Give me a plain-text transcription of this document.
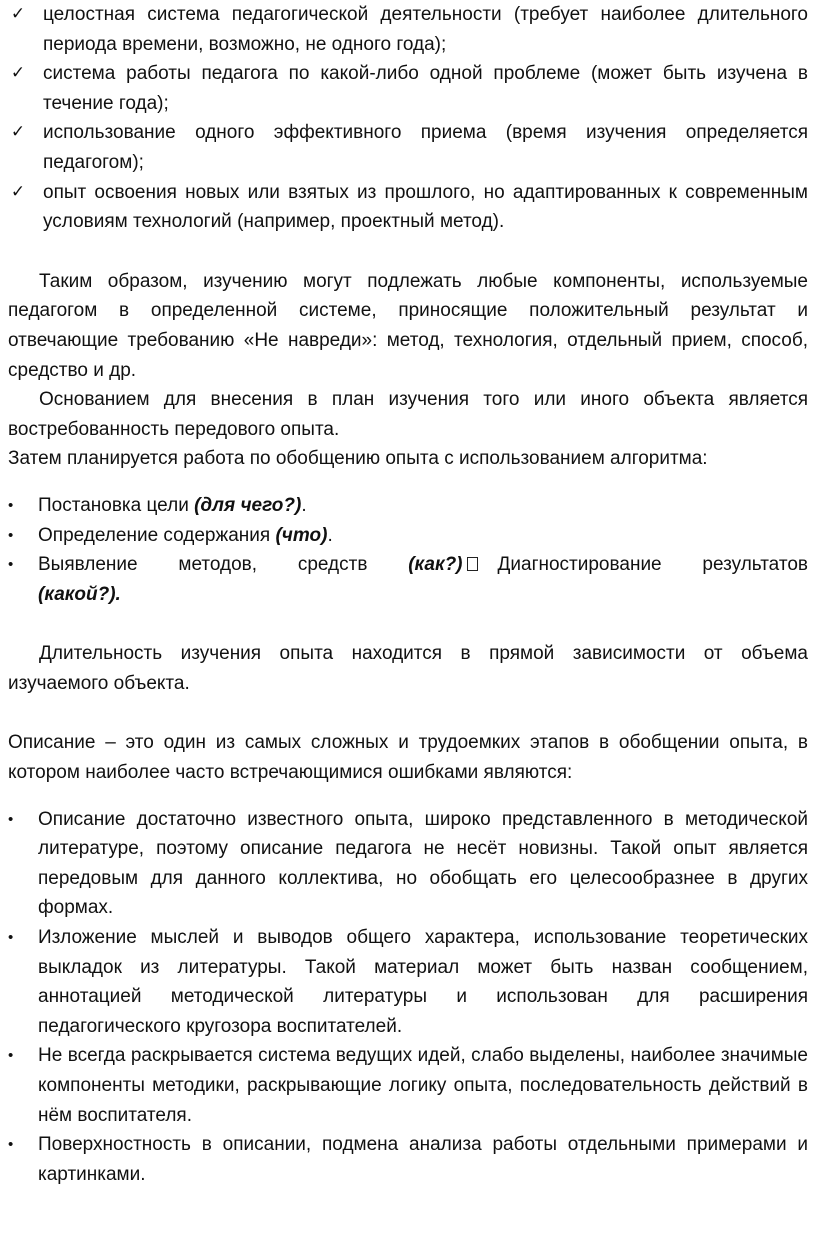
✓ целостная система педагогической деятельности (требует наиболее длительного периода времени, возможно, не одного года);
✓ система работы педагога по какой-либо одной проблеме (может быть изучена в течение года);
✓ использование одного эффективного приема (время изучения определяется педагогом);
✓ опыт освоения новых или взятых из прошлого, но адаптированных к современным условиям технологий (например, проектный метод).

Таким образом, изучению могут подлежать любые компоненты, используемые педагогом в определенной системе, приносящие положительный результат и отвечающие требованию «Не навреди»: метод, технология, отдельный прием, способ, средство и др.

Основанием для внесения в план изучения того или иного объекта является востребованность передового опыта.

Затем планируется работа по обобщению опыта с использованием алгоритма:

•	Постановка цели (для чего?).
•	Определение содержания (что).
•	Выявление методов, средств (как?) Диагностирование результатов
(какой?).

Длительность изучения опыта находится в прямой зависимости от объема изучаемого объекта.

Описание – это один из самых сложных и трудоемких этапов в обобщении опыта, в котором наиболее часто встречающимися ошибками являются:

•	Описание достаточно известного опыта, широко представленного в методической литературе, поэтому описание педагога не несёт новизны. Такой опыт является передовым для данного коллектива, но обобщать его целесообразнее в других формах.
•	Изложение мыслей и выводов общего характера, использование теоретических выкладок из литературы. Такой материал может быть назван сообщением, аннотацией методической литературы и использован для расширения педагогического кругозора воспитателей.
•	Не всегда раскрывается система ведущих идей, слабо выделены, наиболее значимые компоненты методики, раскрывающие логику опыта, последовательность действий в нём воспитателя.
•	Поверхностность в описании, подмена анализа работы отдельными примерами и картинками.
